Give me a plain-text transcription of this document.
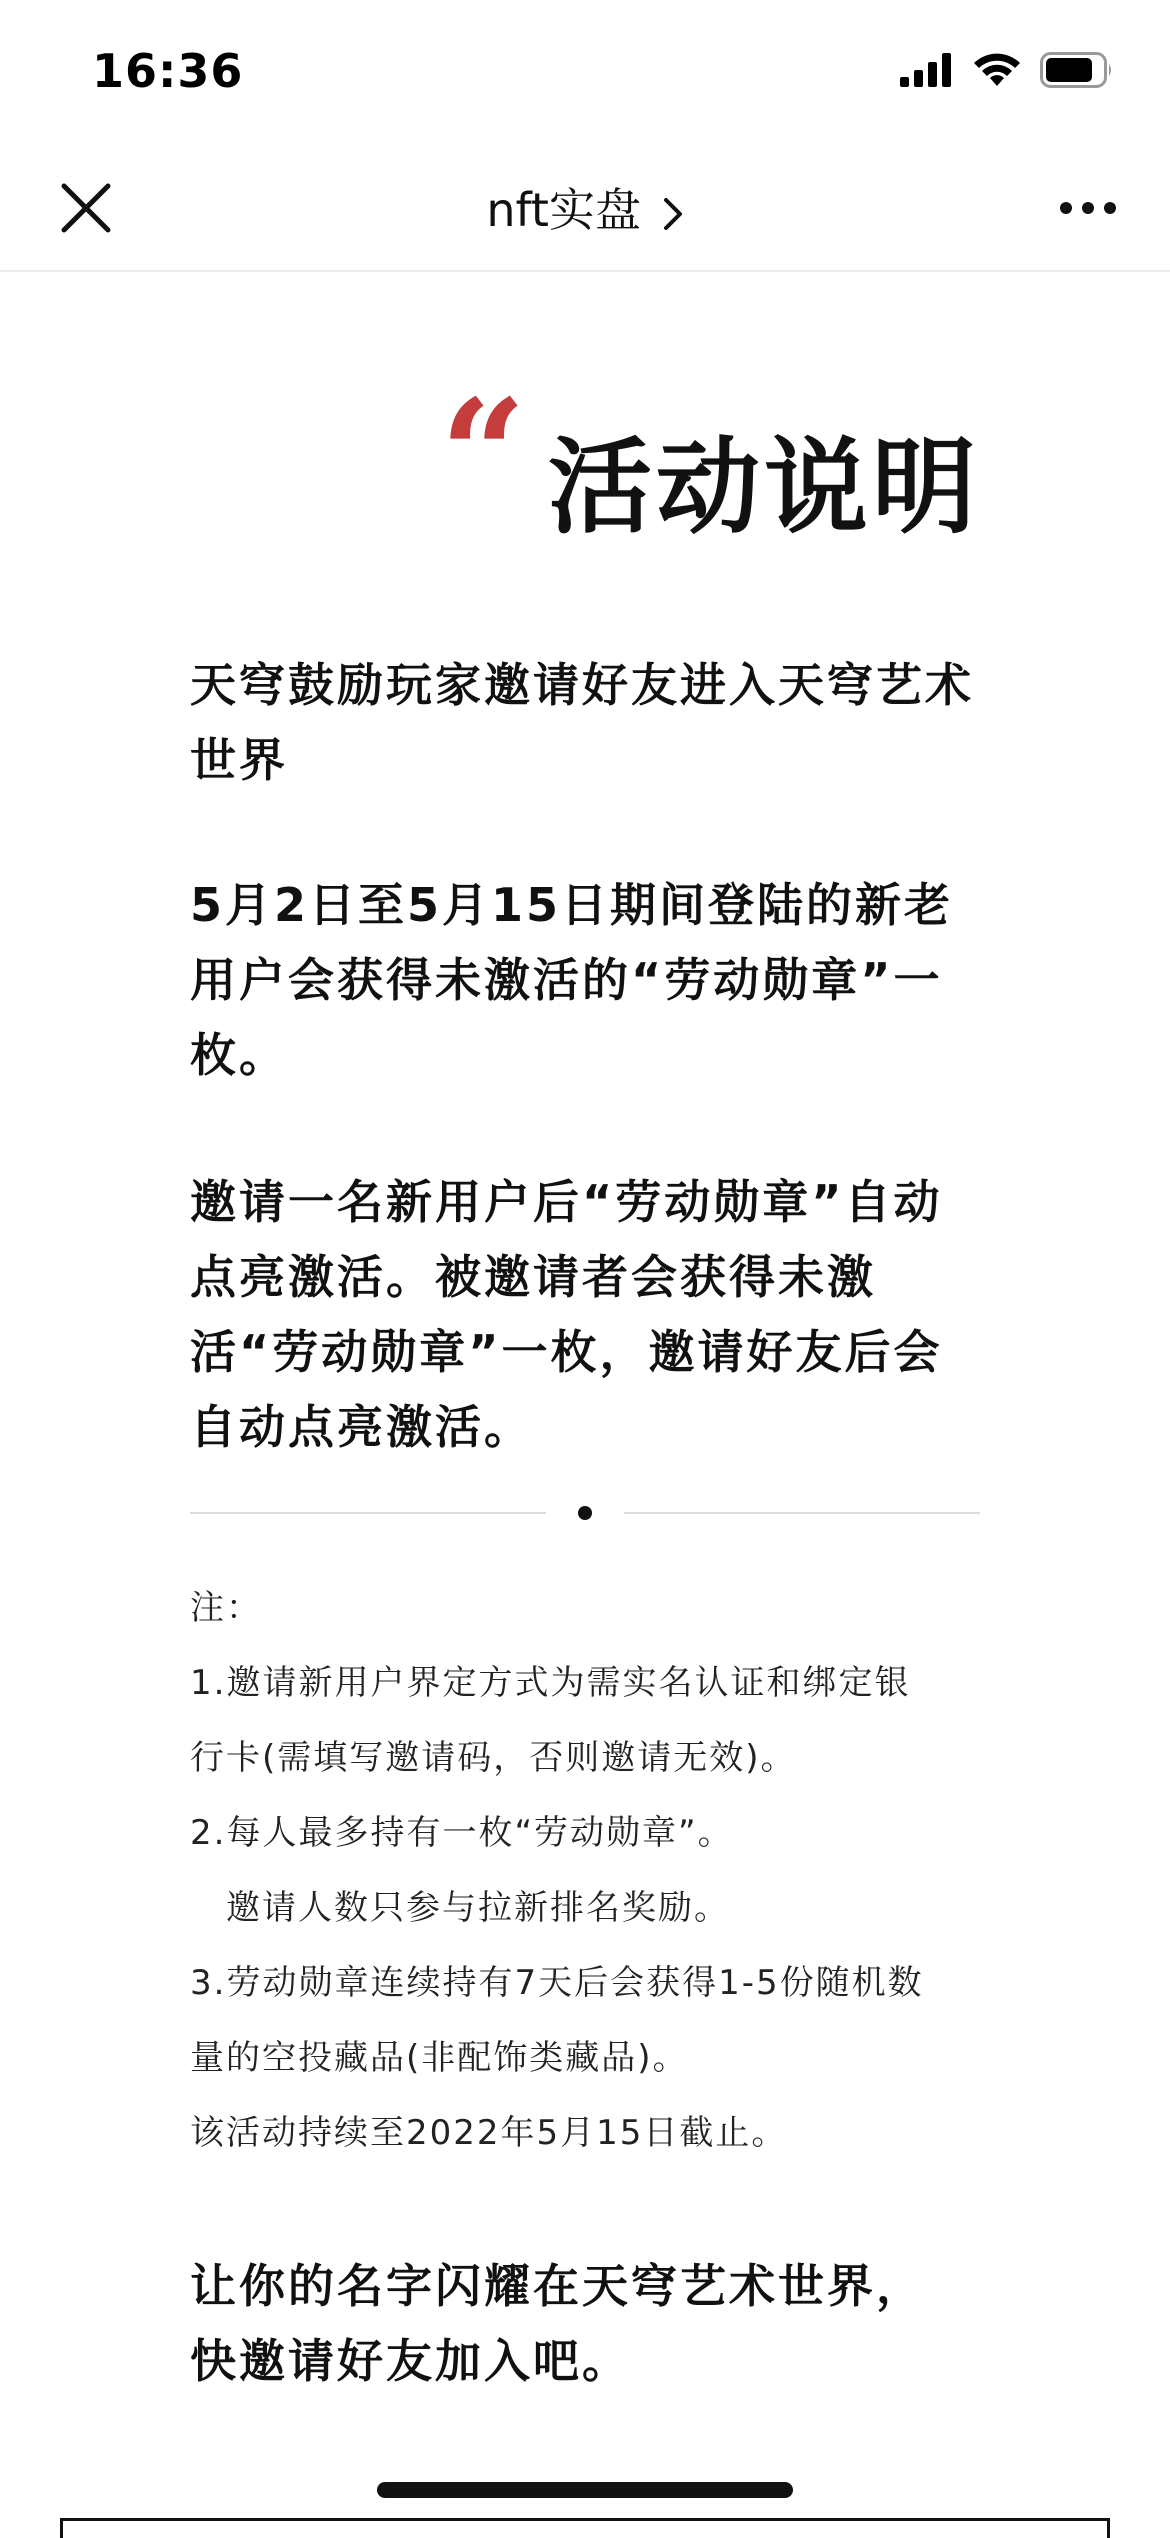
16:36
nft实盘
“ 活动说明

天穹鼓励玩家邀请好友进入天穹艺术世界

5月2日至5月15日期间登陆的新老用户会获得未激活的“劳动勋章”一枚。

邀请一名新用户后“劳动勋章”自动点亮激活。被邀请者会获得未激活“劳动勋章”一枚，邀请好友后会自动点亮激活。

注：
1.邀请新用户界定方式为需实名认证和绑定银
行卡(需填写邀请码，否则邀请无效)。
2.每人最多持有一枚“劳动勋章”。
邀请人数只参与拉新排名奖励。
3.劳动勋章连续持有7天后会获得1-5份随机数
量的空投藏品(非配饰类藏品)。
该活动持续至2022年5月15日截止。
让你的名字闪耀在天穹艺术世界，
快邀请好友加入吧。
